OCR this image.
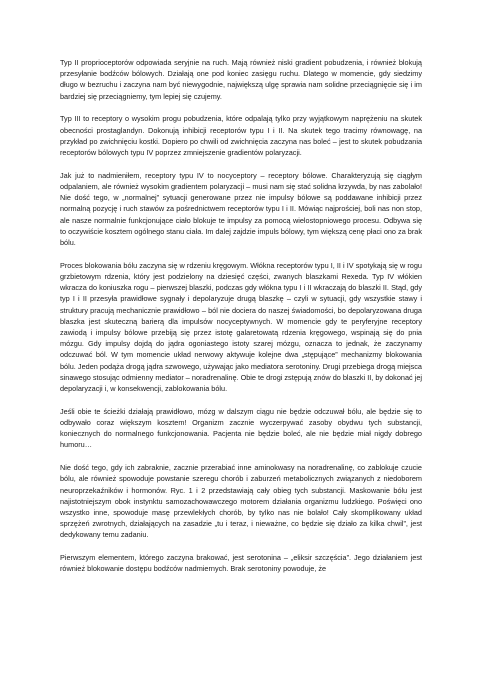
Typ II proprioceptorów odpowiada seryjnie na ruch. Mają również niski gradient pobudzenia, i również blokują przesyłanie bodźców bólowych. Działają one pod koniec zasięgu ruchu. Dlatego w momencie, gdy siedzimy długo w bezruchu i zaczyna nam być niewygodnie, największą ulgę sprawia nam solidne przeciągnięcie się i im bardziej się przeciągniemy, tym lepiej się czujemy.

Typ III to receptory o wysokim progu pobudzenia, które odpalają tylko przy wyjątkowym naprężeniu na skutek obecności prostaglandyn. Dokonują inhibicji receptorów typu I i II. Na skutek tego tracimy równowagę, na przykład po zwichnięciu kostki. Dopiero po chwili od zwichnięcia zaczyna nas boleć – jest to skutek pobudzania receptorów bólowych typu IV poprzez zmniejszenie gradientów polaryzacji.

Jak już to nadmieniłem, receptory typu IV to nocyceptory – receptory bólowe. Charakteryzują się ciągłym odpalaniem, ale również wysokim gradientem polaryzacji – musi nam się stać solidna krzywda, by nas zabolało! Nie dość tego, w „normalnej” sytuacji generowane przez nie impulsy bólowe są poddawane inhibicji przez normalną pozycję i ruch stawów za pośrednictwem receptorów typu I i II. Mówiąc najprościej, boli nas non stop, ale nasze normalnie funkcjonujące ciało blokuje te impulsy za pomocą wielostopniowego procesu. Odbywa się to oczywiście kosztem ogólnego stanu ciała. Im dalej zajdzie impuls bólowy, tym większą cenę płaci ono za brak bólu.

Proces blokowania bólu zaczyna się w rdzeniu kręgowym. Włókna receptorów typu I, II i IV spotykają się w rogu grzbietowym rdzenia, który jest podzielony na dziesięć części, zwanych blaszkami Rexeda. Typ IV włókien wkracza do koniuszka rogu – pierwszej blaszki, podczas gdy włókna typu I i II wkraczają do blaszki II. Stąd, gdy typ I i II przesyła prawidłowe sygnały i depolaryzuje drugą blaszkę – czyli w sytuacji, gdy wszystkie stawy i struktury pracują mechanicznie prawidłowo – ból nie dociera do naszej świadomości, bo depolaryzowana druga blaszka jest skuteczną barierą dla impulsów nocyceptywnych. W momencie gdy te peryferyjne receptory zawiodą i impulsy bólowe przebiją się przez istotę galaretowatą rdzenia kręgowego, wspinają się do pnia mózgu. Gdy impulsy dojdą do jądra ogoniastego istoty szarej mózgu, oznacza to jednak, że zaczynamy odczuwać ból. W tym momencie układ nerwowy aktywuje kolejne dwa „stępujące” mechanizmy blokowania bólu. Jeden podąża drogą jądra szwowego, używając jako mediatora serotoniny. Drugi przebiega drogą miejsca sinawego stosując odmienny mediator – noradrenalinę. Obie te drogi zstępują znów do blaszki II, by dokonać jej depolaryzacji i, w konsekwencji, zablokowania bólu.

Jeśli obie te ścieżki działają prawidłowo, mózg w dalszym ciągu nie będzie odczuwał bólu, ale będzie się to odbywało coraz większym kosztem! Organizm zacznie wyczerpywać zasoby obydwu tych substancji, koniecznych do normalnego funkcjonowania. Pacjenta nie będzie boleć, ale nie będzie miał nigdy dobrego humoru…

Nie dość tego, gdy ich zabraknie, zacznie przerabiać inne aminokwasy na noradrenalinę, co zablokuje czucie bólu, ale również spowoduje powstanie szeregu chorób i zaburzeń metabolicznych związanych z niedoborem neuroprzekaźników i hormonów. Ryc. 1 i 2 przedstawiają cały obieg tych substancji. Maskowanie bólu jest najistotniejszym obok instynktu samozachowawczego motorem działania organizmu ludzkiego. Poświęci ono wszystko inne, spowoduje masę przewlekłych chorób, by tylko nas nie bolało! Cały skomplikowany układ sprzężeń zwrotnych, działających na zasadzie „tu i teraz, i nieważne, co będzie się działo za kilka chwil”, jest dedykowany temu zadaniu.

Pierwszym elementem, którego zaczyna brakować, jest serotonina – „eliksir szczęścia”. Jego działaniem jest również blokowanie dostępu bodźców nadmiernych. Brak serotoniny powoduje, że
